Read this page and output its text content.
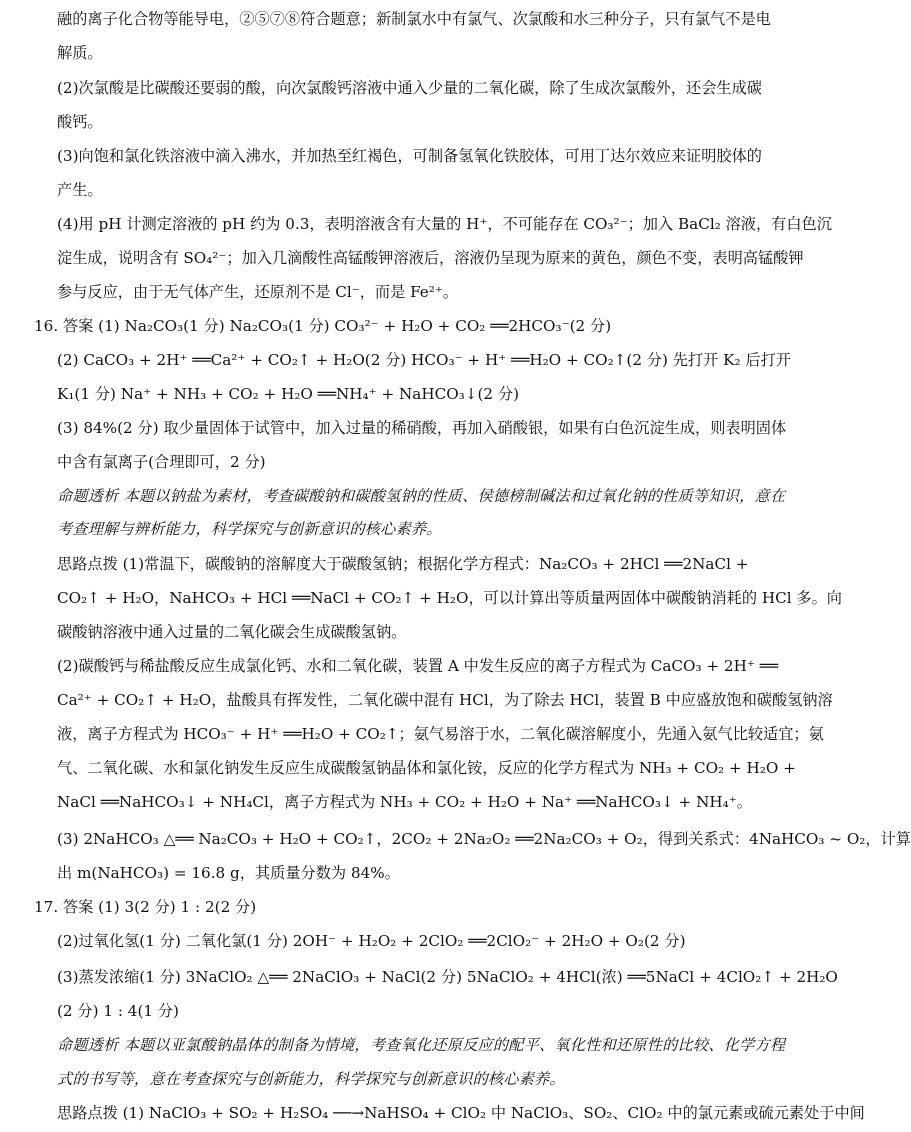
融的离子化合物等能导电，②⑤⑦⑧符合题意；新制氯水中有氯气、次氯酸和水三种分子，只有氯气不是电
解质。
(2)次氯酸是比碳酸还要弱的酸，向次氯酸钙溶液中通入少量的二氧化碳，除了生成次氯酸外，还会生成碳
酸钙。
(3)向饱和氯化铁溶液中滴入沸水，并加热至红褐色，可制备氢氧化铁胶体，可用丁达尔效应来证明胶体的
产生。
(4)用 pH 计测定溶液的 pH 约为 0.3，表明溶液含有大量的 H⁺，不可能存在 CO₃²⁻；加入 BaCl₂ 溶液，有白色沉
淀生成，说明含有 SO₄²⁻；加入几滴酸性高锰酸钾溶液后，溶液仍呈现为原来的黄色，颜色不变，表明高锰酸钾
参与反应，由于无气体产生，还原剂不是 Cl⁻，而是 Fe²⁺。
16. 答案 (1) Na₂CO₃(1 分) Na₂CO₃(1 分) CO₃²⁻ + H₂O + CO₂ ══2HCO₃⁻(2 分)
(2) CaCO₃ + 2H⁺ ══Ca²⁺ + CO₂↑ + H₂O(2 分) HCO₃⁻ + H⁺ ══H₂O + CO₂↑(2 分) 先打开 K₂ 后打开
K₁(1 分) Na⁺ + NH₃ + CO₂ + H₂O ══NH₄⁺ + NaHCO₃↓(2 分)
(3) 84%(2 分) 取少量固体于试管中，加入过量的稀硝酸，再加入硝酸银，如果有白色沉淀生成，则表明固体
中含有氯离子(合理即可，2 分)
命题透析 本题以钠盐为素材，考查碳酸钠和碳酸氢钠的性质、侯德榜制碱法和过氧化钠的性质等知识，意在
考查理解与辨析能力，科学探究与创新意识的核心素养。
思路点拨 (1)常温下，碳酸钠的溶解度大于碳酸氢钠；根据化学方程式：Na₂CO₃ + 2HCl ══2NaCl +
CO₂↑ + H₂O，NaHCO₃ + HCl ══NaCl + CO₂↑ + H₂O，可以计算出等质量两固体中碳酸钠消耗的 HCl 多。向
碳酸钠溶液中通入过量的二氧化碳会生成碳酸氢钠。
(2)碳酸钙与稀盐酸反应生成氯化钙、水和二氧化碳，装置 A 中发生反应的离子方程式为 CaCO₃ + 2H⁺ ══
Ca²⁺ + CO₂↑ + H₂O，盐酸具有挥发性，二氧化碳中混有 HCl，为了除去 HCl，装置 B 中应盛放饱和碳酸氢钠溶
液，离子方程式为 HCO₃⁻ + H⁺ ══H₂O + CO₂↑；氨气易溶于水，二氧化碳溶解度小，先通入氨气比较适宜；氨
气、二氧化碳、水和氯化钠发生反应生成碳酸氢钠晶体和氯化铵，反应的化学方程式为 NH₃ + CO₂ + H₂O +
NaCl ══NaHCO₃↓ + NH₄Cl，离子方程式为 NH₃ + CO₂ + H₂O + Na⁺ ══NaHCO₃↓ + NH₄⁺。
(3) 2NaHCO₃ △══ Na₂CO₃ + H₂O + CO₂↑，2CO₂ + 2Na₂O₂ ══2Na₂CO₃ + O₂，得到关系式：4NaHCO₃ ~ O₂，计算
出 m(NaHCO₃) = 16.8 g，其质量分数为 84%。
17. 答案 (1) 3(2 分) 1 : 2(2 分)
(2)过氧化氢(1 分) 二氧化氯(1 分) 2OH⁻ + H₂O₂ + 2ClO₂ ══2ClO₂⁻ + 2H₂O + O₂(2 分)
(3)蒸发浓缩(1 分) 3NaClO₂ △══ 2NaClO₃ + NaCl(2 分) 5NaClO₂ + 4HCl(浓) ══5NaCl + 4ClO₂↑ + 2H₂O
(2 分) 1 : 4(1 分)
命题透析 本题以亚氯酸钠晶体的制备为情境，考查氧化还原反应的配平、氧化性和还原性的比较、化学方程
式的书写等，意在考查探究与创新能力，科学探究与创新意识的核心素养。
思路点拨 (1) NaClO₃ + SO₂ + H₂SO₄ ──→NaHSO₄ + ClO₂ 中 NaClO₃、SO₂、ClO₂ 中的氯元素或硫元素处于中间
